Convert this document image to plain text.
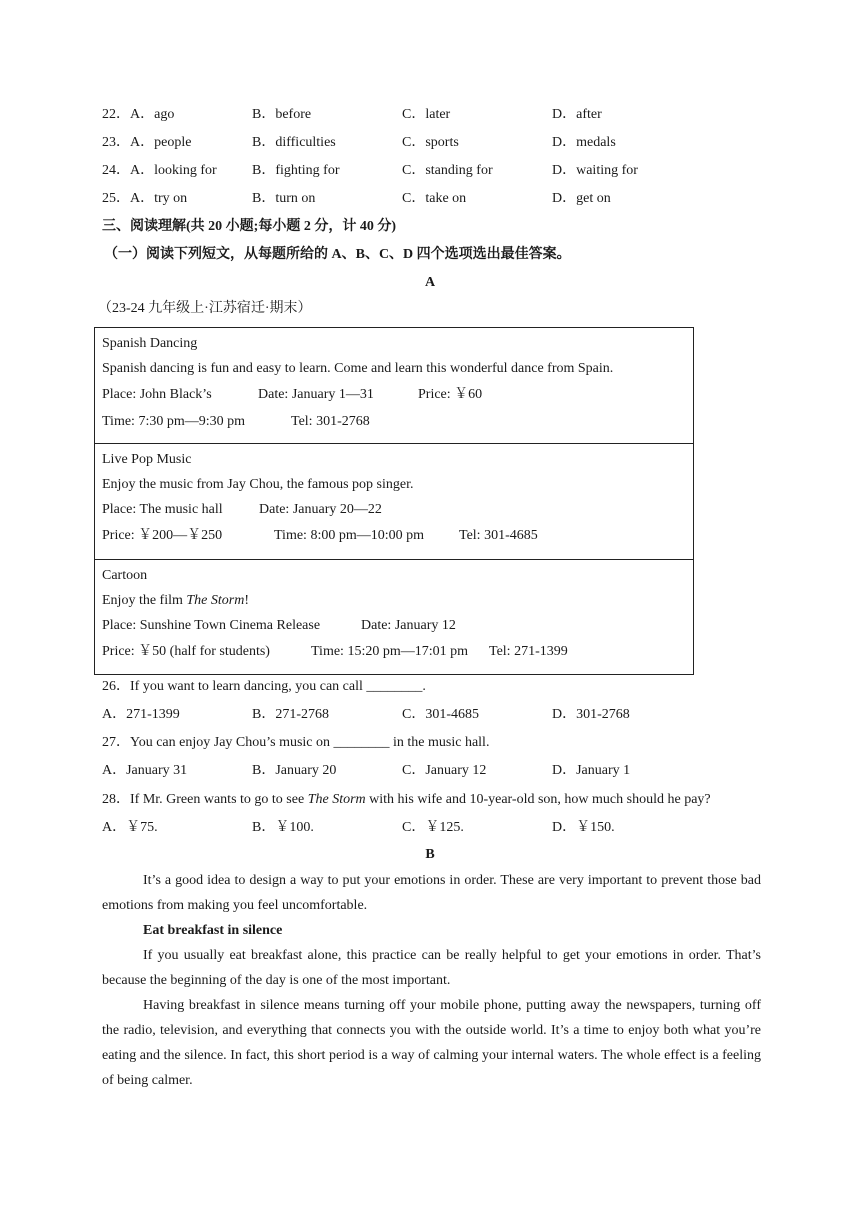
22．A．ago	B．before	C．later	D．after
23．A．people	B．difficulties	C．sports	D．medals
24．A．looking for	B．fighting for	C．standing for	D．waiting for
25．A．try on	B．turn on	C．take on	D．get on
三、阅读理解(共 20 小题;每小题 2 分，计 40 分)
（一）阅读下列短文，从每题所给的 A、B、C、D 四个选项选出最佳答案。
A
（23-24 九年级上·江苏宿迁·期末）
Spanish Dancing
Spanish dancing is fun and easy to learn. Come and learn this wonderful dance from Spain.
Place: John Black’s	Date: January 1—31	Price: ￥60
Time: 7:30 pm—9:30 pm	Tel: 301-2768
Live Pop Music
Enjoy the music from Jay Chou, the famous pop singer.
Place: The music hall	Date: January 20—22
Price: ￥200—￥250	Time: 8:00 pm—10:00 pm Tel: 301-4685
Cartoon
Enjoy the film The Storm!
Place: Sunshine Town Cinema Release	Date: January 12
Price: ￥50 (half for students)	Time: 15:20 pm—17:01 pm Tel: 271-1399
26．If you want to learn dancing, you can call ________.
A．271-1399	B．271-2768	C．301-4685	D．301-2768
27．You can enjoy Jay Chou’s music on ________ in the music hall.
A．January 31	B．January 20	C．January 12	D．January 1
28．If Mr. Green wants to go to see The Storm with his wife and 10-year-old son, how much should he pay?
A．￥75.	B．￥100.	C．￥125.	D．￥150.
B

It’s a good idea to design a way to put your emotions in order. These are very important to prevent those bad emotions from making you feel uncomfortable.

Eat breakfast in silence

If you usually eat breakfast alone, this practice can be really helpful to get your emotions in order. That’s because the beginning of the day is one of the most important.

Having breakfast in silence means turning off your mobile phone, putting away the newspapers, turning off the radio, television, and everything that connects you with the outside world. It’s a time to enjoy both what you’re eating and the silence. In fact, this short period is a way of calming your internal waters. The whole effect is a feeling of being calmer.
